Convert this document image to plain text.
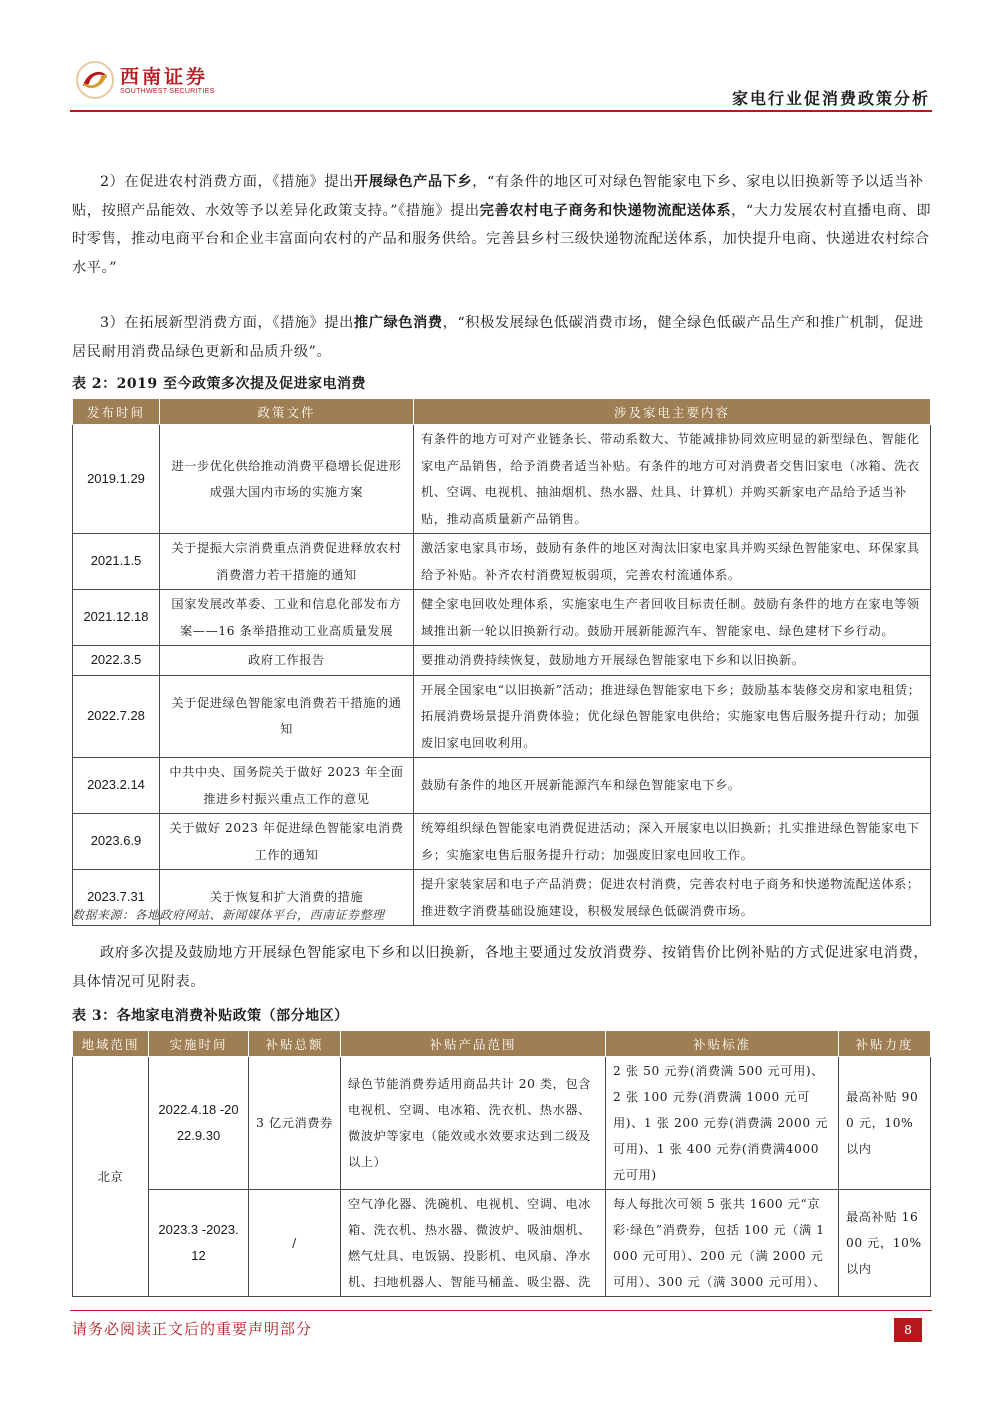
西南证券
SOUTHWEST SECURITIES	家电行业促消费政策分析
2）在促进农村消费方面，《措施》提出开展绿色产品下乡，“有条件的地区可对绿色智能家电下乡、家电以旧换新等予以适当补贴，按照产品能效、水效等予以差异化政策支持。”《措施》提出完善农村电子商务和快递物流配送体系，“大力发展农村直播电商、即时零售，推动电商平台和企业丰富面向农村的产品和服务供给。完善县乡村三级快递物流配送体系，加快提升电商、快递进农村综合水平。”
3）在拓展新型消费方面，《措施》提出推广绿色消费，“积极发展绿色低碳消费市场，健全绿色低碳产品生产和推广机制，促进居民耐用消费品绿色更新和品质升级”。
表 2：2019 至今政策多次提及促进家电消费
发布时间	政策文件	涉及家电主要内容
2019.1.29	进一步优化供给推动消费平稳增长促进形成强大国内市场的实施方案	有条件的地方可对产业链条长、带动系数大、节能减排协同效应明显的新型绿色、智能化家电产品销售，给予消费者适当补贴。有条件的地方可对消费者交售旧家电（冰箱、洗衣机、空调、电视机、抽油烟机、热水器、灶具、计算机）并购买新家电产品给予适当补贴，推动高质量新产品销售。
2021.1.5	关于提振大宗消费重点消费促进释放农村消费潜力若干措施的通知	激活家电家具市场，鼓励有条件的地区对淘汰旧家电家具并购买绿色智能家电、环保家具给予补贴。补齐农村消费短板弱项，完善农村流通体系。
2021.12.18	国家发展改革委、工业和信息化部发布方案——16 条举措推动工业高质量发展	健全家电回收处理体系，实施家电生产者回收目标责任制。鼓励有条件的地方在家电等领域推出新一轮以旧换新行动。鼓励开展新能源汽车、智能家电、绿色建材下乡行动。
2022.3.5	政府工作报告	要推动消费持续恢复，鼓励地方开展绿色智能家电下乡和以旧换新。
2022.7.28	关于促进绿色智能家电消费若干措施的通知	开展全国家电“以旧换新”活动；推进绿色智能家电下乡；鼓励基本装修交房和家电租赁；拓展消费场景提升消费体验；优化绿色智能家电供给；实施家电售后服务提升行动；加强废旧家电回收利用。
2023.2.14	中共中央、国务院关于做好 2023 年全面推进乡村振兴重点工作的意见	鼓励有条件的地区开展新能源汽车和绿色智能家电下乡。
2023.6.9	关于做好 2023 年促进绿色智能家电消费工作的通知	统筹组织绿色智能家电消费促进活动；深入开展家电以旧换新；扎实推进绿色智能家电下乡；实施家电售后服务提升行动；加强废旧家电回收工作。
2023.7.31	关于恢复和扩大消费的措施	提升家装家居和电子产品消费；促进农村消费，完善农村电子商务和快递物流配送体系；推进数字消费基础设施建设，积极发展绿色低碳消费市场。
数据来源：各地政府网站、新闻媒体平台，西南证券整理
政府多次提及鼓励地方开展绿色智能家电下乡和以旧换新，各地主要通过发放消费券、按销售价比例补贴的方式促进家电消费，具体情况可见附表。
表 3：各地家电消费补贴政策（部分地区）
地域范围	实施时间	补贴总额	补贴产品范围	补贴标准	补贴力度
北京	2022.4.18 -2022.9.30	3 亿元消费券	绿色节能消费券适用商品共计 20 类，包含电视机、空调、电冰箱、洗衣机、热水器、微波炉等家电（能效或水效要求达到二级及以上）	2 张 50 元券(消费满 500 元可用)、2 张 100 元券(消费满 1000 元可用)、1 张 200 元券(消费满 2000 元可用)、1 张 400 元券(消费满4000 元可用)	最高补贴 900 元，10%以内
	2023.3 -2023.12	/	空气净化器、洗碗机、电视机、空调、电冰箱、洗衣机、热水器、微波炉、吸油烟机、燃气灶具、电饭锅、投影机、电风扇、净水机、扫地机器人、智能马桶盖、吸尘器、洗	每人每批次可领 5 张共 1600 元“京彩·绿色”消费券，包括 100 元（满 1000 元可用）、200 元（满 2000 元可用）、300 元（满 3000 元可用）、	最高补贴 1600 元，10%以内
请务必阅读正文后的重要声明部分	8
